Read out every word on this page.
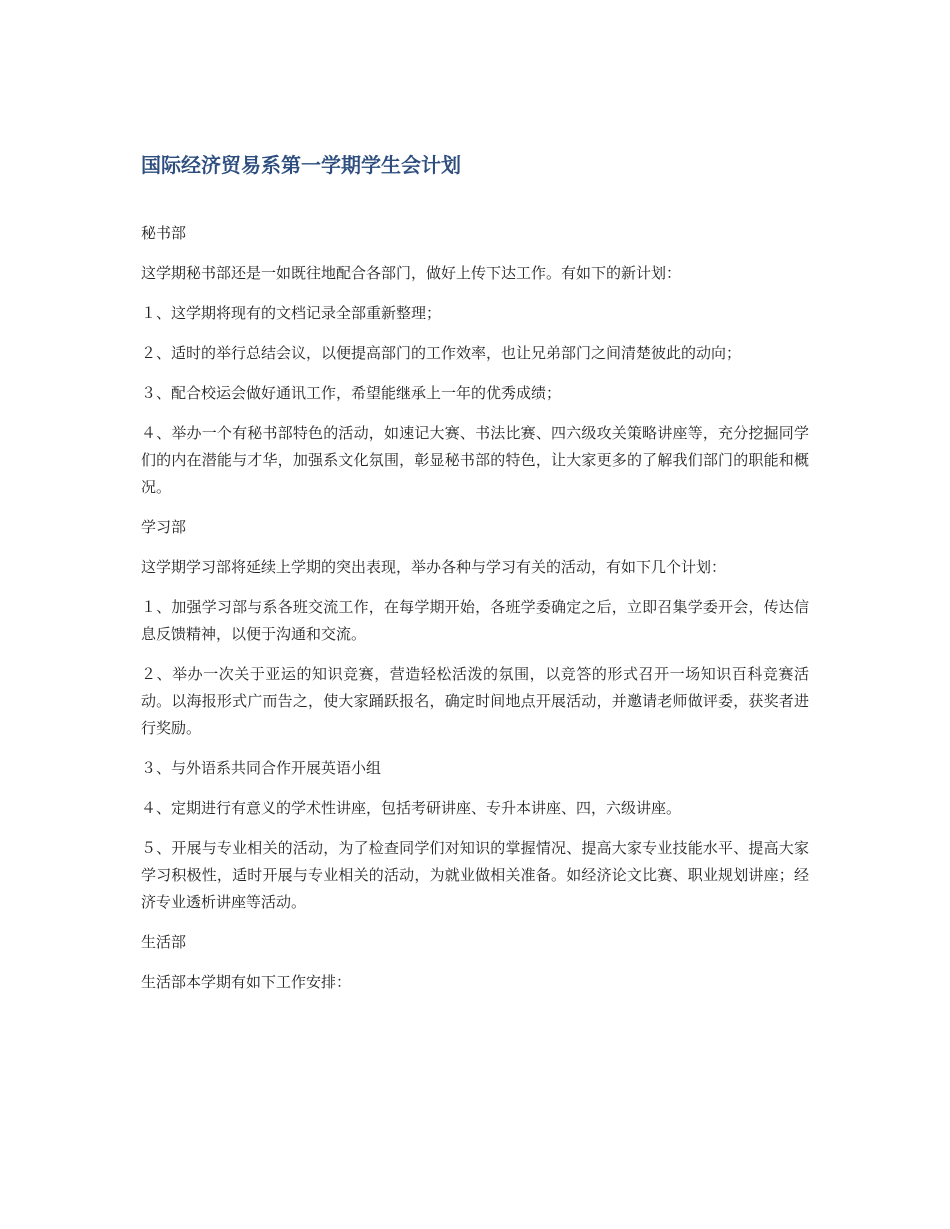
国际经济贸易系第一学期学生会计划

秘书部

这学期秘书部还是一如既往地配合各部门，做好上传下达工作。有如下的新计划：

１、这学期将现有的文档记录全部重新整理；

２、适时的举行总结会议，以便提高部门的工作效率，也让兄弟部门之间清楚彼此的动向；

３、配合校运会做好通讯工作，希望能继承上一年的优秀成绩；

４、举办一个有秘书部特色的活动，如速记大赛、书法比赛、四六级攻关策略讲座等，充分挖掘同学们的内在潜能与才华，加强系文化氛围，彰显秘书部的特色，让大家更多的了解我们部门的职能和概况。

学习部

这学期学习部将延续上学期的突出表现，举办各种与学习有关的活动，有如下几个计划：

１、加强学习部与系各班交流工作，在每学期开始，各班学委确定之后，立即召集学委开会，传达信息反馈精神，以便于沟通和交流。

２、举办一次关于亚运的知识竞赛，营造轻松活泼的氛围，以竞答的形式召开一场知识百科竞赛活动。以海报形式广而告之，使大家踊跃报名，确定时间地点开展活动，并邀请老师做评委，获奖者进行奖励。

３、与外语系共同合作开展英语小组

４、定期进行有意义的学术性讲座，包括考研讲座、专升本讲座、四，六级讲座。

５、开展与专业相关的活动，为了检查同学们对知识的掌握情况、提高大家专业技能水平、提高大家学习积极性，适时开展与专业相关的活动，为就业做相关准备。如经济论文比赛、职业规划讲座；经济专业透析讲座等活动。

生活部

生活部本学期有如下工作安排：
